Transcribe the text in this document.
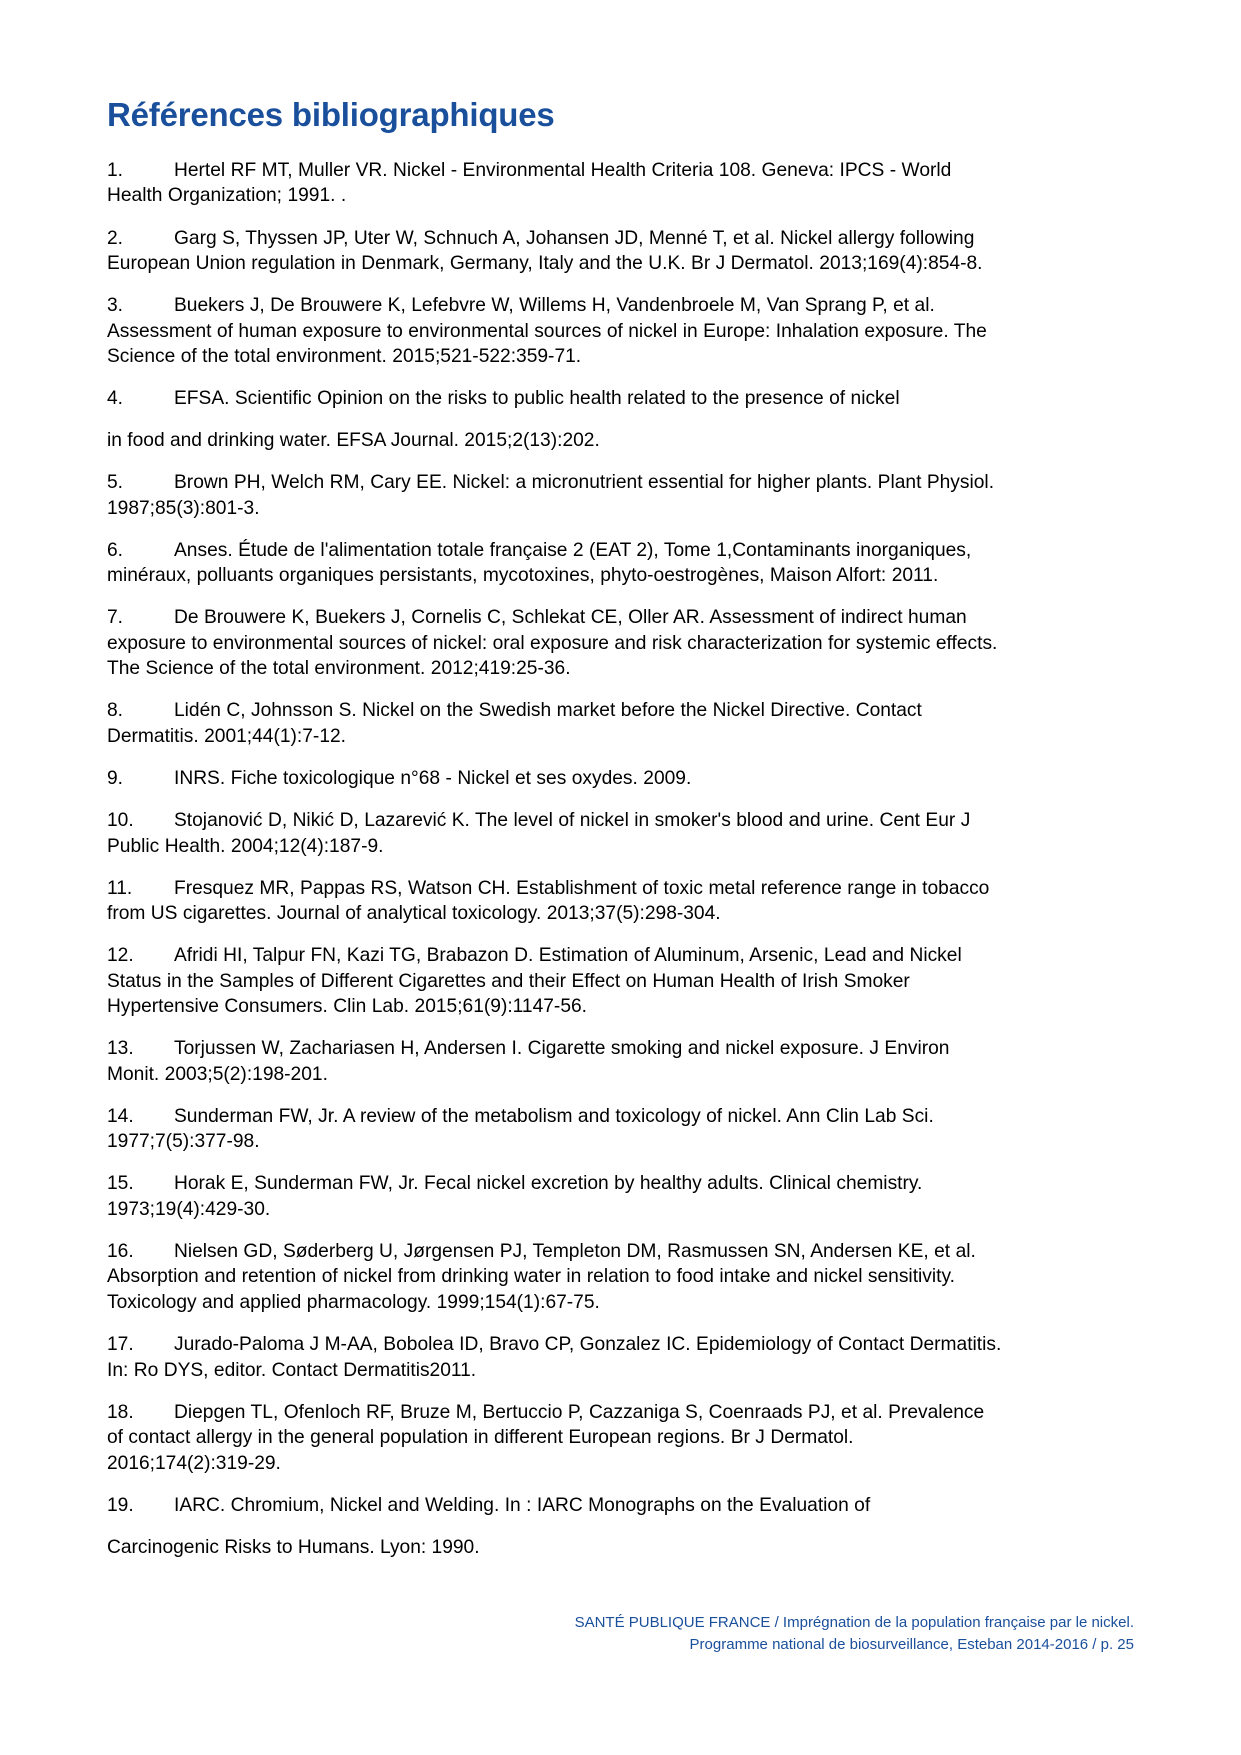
Références bibliographiques

1.	Hertel RF MT, Muller VR. Nickel - Environmental Health Criteria 108. Geneva: IPCS - World Health Organization; 1991. .

2.	Garg S, Thyssen JP, Uter W, Schnuch A, Johansen JD, Menné T, et al. Nickel allergy following European Union regulation in Denmark, Germany, Italy and the U.K. Br J Dermatol. 2013;169(4):854-8.

3.	Buekers J, De Brouwere K, Lefebvre W, Willems H, Vandenbroele M, Van Sprang P, et al. Assessment of human exposure to environmental sources of nickel in Europe: Inhalation exposure. The Science of the total environment. 2015;521-522:359-71.

4.	EFSA. Scientific Opinion on the risks to public health related to the presence of nickel

in food and drinking water. EFSA Journal. 2015;2(13):202.

5.	Brown PH, Welch RM, Cary EE. Nickel: a micronutrient essential for higher plants. Plant Physiol. 1987;85(3):801-3.

6.	Anses. Étude de l'alimentation totale française 2 (EAT 2), Tome 1,Contaminants inorganiques, minéraux, polluants organiques persistants, mycotoxines, phyto-oestrogènes, Maison Alfort: 2011.

7.	De Brouwere K, Buekers J, Cornelis C, Schlekat CE, Oller AR. Assessment of indirect human exposure to environmental sources of nickel: oral exposure and risk characterization for systemic effects. The Science of the total environment. 2012;419:25-36.

8.	Lidén C, Johnsson S. Nickel on the Swedish market before the Nickel Directive. Contact Dermatitis. 2001;44(1):7-12.

9.	INRS. Fiche toxicologique n°68 - Nickel et ses oxydes. 2009.

10. Stojanović D, Nikić D, Lazarević K. The level of nickel in smoker's blood and urine. Cent Eur J Public Health. 2004;12(4):187-9.

11. Fresquez MR, Pappas RS, Watson CH. Establishment of toxic metal reference range in tobacco from US cigarettes. Journal of analytical toxicology. 2013;37(5):298-304.

12. Afridi HI, Talpur FN, Kazi TG, Brabazon D. Estimation of Aluminum, Arsenic, Lead and Nickel Status in the Samples of Different Cigarettes and their Effect on Human Health of Irish Smoker Hypertensive Consumers. Clin Lab. 2015;61(9):1147-56.

13. Torjussen W, Zachariasen H, Andersen I. Cigarette smoking and nickel exposure. J Environ Monit. 2003;5(2):198-201.

14. Sunderman FW, Jr. A review of the metabolism and toxicology of nickel. Ann Clin Lab Sci. 1977;7(5):377-98.

15. Horak E, Sunderman FW, Jr. Fecal nickel excretion by healthy adults. Clinical chemistry. 1973;19(4):429-30.

16. Nielsen GD, Søderberg U, Jørgensen PJ, Templeton DM, Rasmussen SN, Andersen KE, et al. Absorption and retention of nickel from drinking water in relation to food intake and nickel sensitivity. Toxicology and applied pharmacology. 1999;154(1):67-75.

17. Jurado-Paloma J M-AA, Bobolea ID, Bravo CP, Gonzalez IC. Epidemiology of Contact Dermatitis. In: Ro DYS, editor. Contact Dermatitis2011.

18. Diepgen TL, Ofenloch RF, Bruze M, Bertuccio P, Cazzaniga S, Coenraads PJ, et al. Prevalence of contact allergy in the general population in different European regions. Br J Dermatol. 2016;174(2):319-29.

19. IARC. Chromium, Nickel and Welding. In : IARC Monographs on the Evaluation of

Carcinogenic Risks to Humans. Lyon: 1990.

SANTÉ PUBLIQUE FRANCE / Imprégnation de la population française par le nickel.
Programme national de biosurveillance, Esteban 2014-2016 / p. 25
